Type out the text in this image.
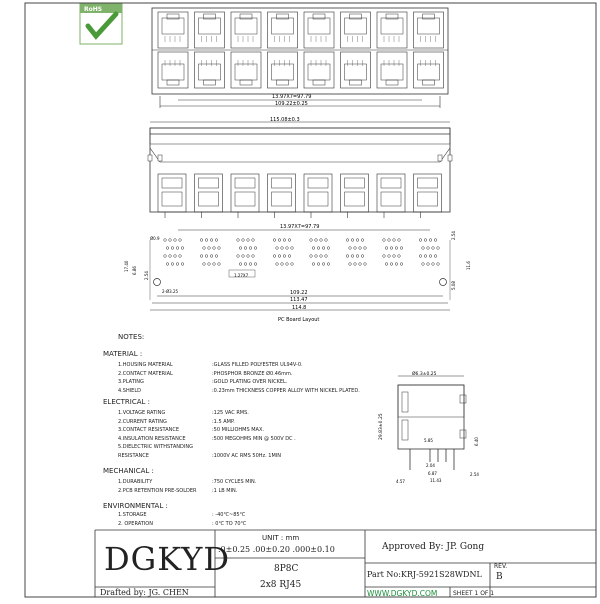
RoHS
13.97X7=97.79
109.22±0.25
115.08±0.3
13.97X7=97.79
109.22
113.47
114.8
PC Board Layout
2-Ø3.25
Ø0.9
1.27X7
17.40 6.86
2.54
2.54
11.6
5.08
Ø6.3±0.25
29.83±0.25
5.85	6.40
2.04
6.87
11.43
4.57
2.54
NOTES:
MATERIAL :
1.HOUSING MATERIAL	:GLASS FILLED POLYESTER UL94V-0.
2.CONTACT MATERIAL	:PHOSPHOR BRONZE Ø0.46mm.
3.PLATING	:GOLD PLATING OVER NICKEL.
4.SHIELD	:0.23mm THICKNESS COPPER ALLOY WITH NICKEL PLATED.
ELECTRICAL :
1.VOLTAGE RATING	:125 VAC RMS.
2.CURRENT RATING	:1.5 AMP.
3.CONTACT RESISTANCE	:50 MILLIOHMS MAX.
4.INSULATION RESISTANCE	:500 MEGOHMS MIN @ 500V DC .
5.DIELECTRIC WITHSTANDING
RESISTANCE	:1000V AC RMS 50Hz. 1MIN
MECHANICAL :
1.DURABILITY	:750 CYCLES MIN.
2.PCB RETENTION PRE-SOLDER	:1 LB MIN.
ENVIRONMENTAL :
1.STORAGE	: -40℃~85℃
2. OPERATION	: 0℃ TO 70℃
DGKYD
Drafted by: JG. CHEN
UNIT : mm
.0±0.25 .00±0.20 .000±0.10
8P8C
2x8 RJ45
Approved By: JP. Gong
Part No:KRJ-5921S28WDNL
REV.
B
WWW.DGKYD.COM	SHEET 1 OF 1
